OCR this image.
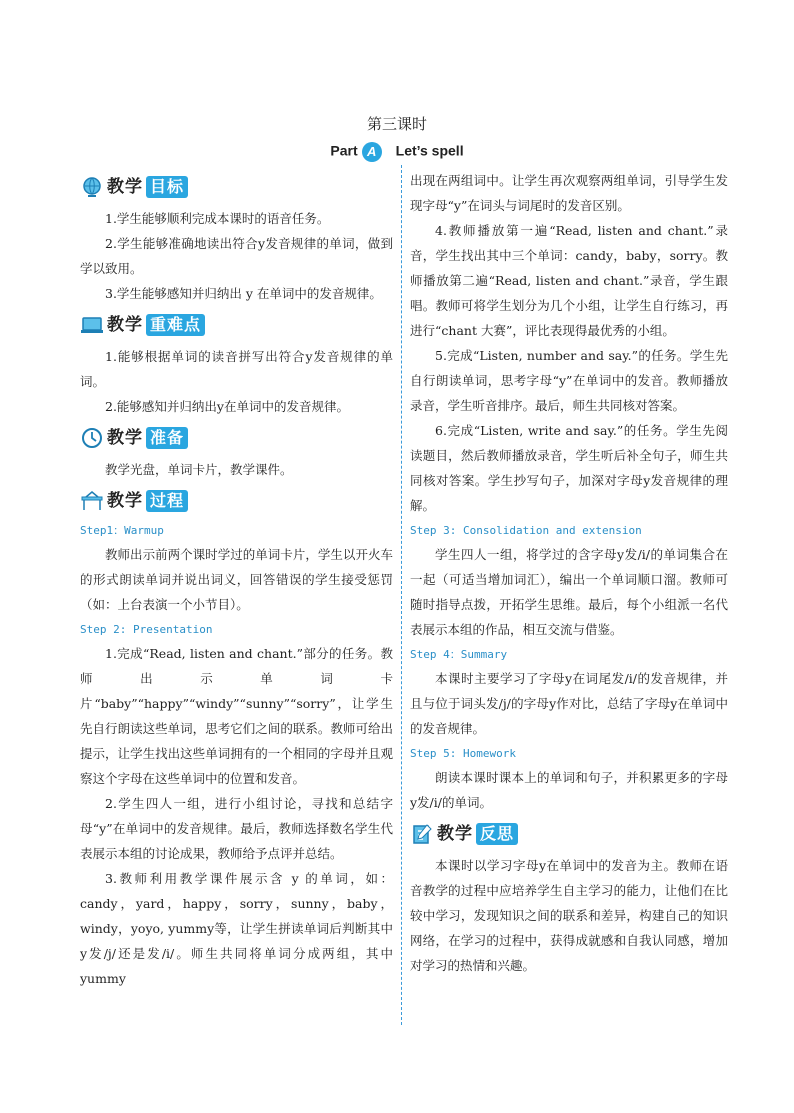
第三课时
Part A Let’s spell
教学 目标

1.学生能够顺利完成本课时的语音任务。

2.学生能够准确地读出符合y发音规律的单词，做到学以致用。

3.学生能够感知并归纳出 y 在单词中的发音规律。

教学 重难点

1.能够根据单词的读音拼写出符合y发音规律的单词。

2.能够感知并归纳出y在单词中的发音规律。

教学 准备

教学光盘，单词卡片，教学课件。

教学 过程
Step1：Warmup

教师出示前两个课时学过的单词卡片，学生以开火车的形式朗读单词并说出词义，回答错误的学生接受惩罚（如：上台表演一个小节目）。

Step 2: Presentation

1.完成“Read, listen and chant.”部分的任务。教师出示单词卡片“baby”“happy”“windy”“sunny”“sorry”，让学生先自行朗读这些单词，思考它们之间的联系。教师可给出提示，让学生找出这些单词拥有的一个相同的字母并且观察这个字母在这些单词中的位置和发音。

2.学生四人一组，进行小组讨论，寻找和总结字母“y”在单词中的发音规律。最后，教师选择数名学生代表展示本组的讨论成果，教师给予点评并总结。

3.教师利用教学课件展示含 y 的单词，如：candy，yard，happy，sorry，sunny，baby，windy，yoyo, yummy等，让学生拼读单词后判断其中y发/j/还是发/i/。师生共同将单词分成两组，其中 yummy

出现在两组词中。让学生再次观察两组单词，引导学生发现字母“y”在词头与词尾时的发音区别。

4.教师播放第一遍“Read, listen and chant.”录音，学生找出其中三个单词：candy，baby，sorry。教师播放第二遍“Read, listen and chant.”录音，学生跟唱。教师可将学生划分为几个小组，让学生自行练习，再进行“chant 大赛”，评比表现得最优秀的小组。

5.完成“Listen, number and say.”的任务。学生先自行朗读单词，思考字母“y”在单词中的发音。教师播放录音，学生听音排序。最后，师生共同核对答案。

6.完成“Listen, write and say.”的任务。学生先阅读题目，然后教师播放录音，学生听后补全句子，师生共同核对答案。学生抄写句子，加深对字母y发音规律的理解。

Step 3: Consolidation and extension

学生四人一组，将学过的含字母y发/i/的单词集合在一起（可适当增加词汇），编出一个单词顺口溜。教师可随时指导点拨，开拓学生思维。最后，每个小组派一名代表展示本组的作品，相互交流与借鉴。

Step 4：Summary

本课时主要学习了字母y在词尾发/i/的发音规律，并且与位于词头发/j/的字母y作对比，总结了字母y在单词中的发音规律。

Step 5: Homework

朗读本课时课本上的单词和句子，并积累更多的字母y发/i/的单词。

教学 反思

本课时以学习字母y在单词中的发音为主。教师在语音教学的过程中应培养学生自主学习的能力，让他们在比较中学习，发现知识之间的联系和差异，构建自己的知识网络，在学习的过程中，获得成就感和自我认同感，增加对学习的热情和兴趣。
